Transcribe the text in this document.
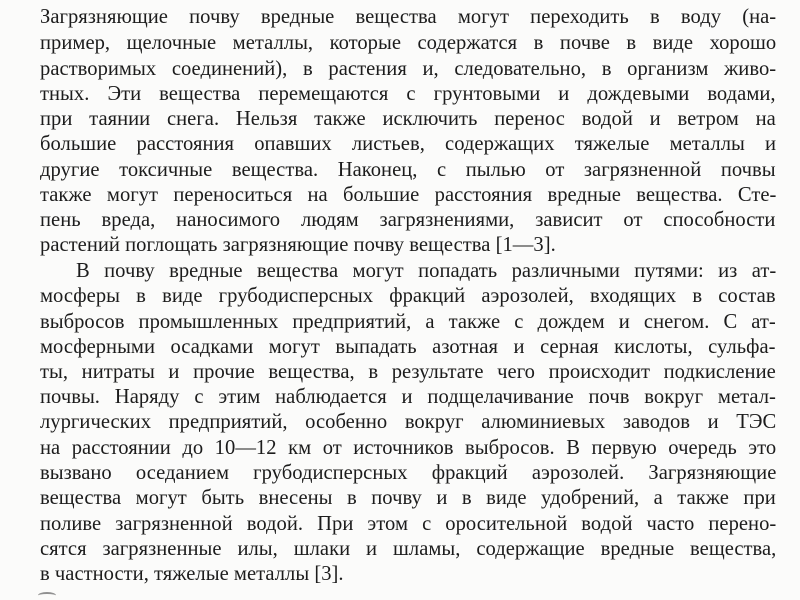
Загрязняющие почву вредные вещества могут переходить в воду (на-
пример, щелочные металлы, которые содержатся в почве в виде хорошо
растворимых соединений), в растения и, следовательно, в организм живо-
тных. Эти вещества перемещаются с грунтовыми и дождевыми водами,
при таянии снега. Нельзя также исключить перенос водой и ветром на
большие расстояния опавших листьев, содержащих тяжелые металлы и
другие токсичные вещества. Наконец, с пылью от загрязненной почвы
также могут переноситься на большие расстояния вредные вещества. Сте-
пень вреда, наносимого людям загрязнениями, зависит от способности
растений поглощать загрязняющие почву вещества [1—3].
В почву вредные вещества могут попадать различными путями: из ат-
мосферы в виде грубодисперсных фракций аэрозолей, входящих в состав
выбросов промышленных предприятий, а также с дождем и снегом. С ат-
мосферными осадками могут выпадать азотная и серная кислоты, сульфа-
ты, нитраты и прочие вещества, в результате чего происходит подкисление
почвы. Наряду с этим наблюдается и подщелачивание почв вокруг метал-
лургических предприятий, особенно вокруг алюминиевых заводов и ТЭС
на расстоянии до 10—12 км от источников выбросов. В первую очередь это
вызвано оседанием грубодисперсных фракций аэрозолей. Загрязняющие
вещества могут быть внесены в почву и в виде удобрений, а также при
поливе загрязненной водой. При этом с оросительной водой часто перено-
сятся загрязненные илы, шлаки и шламы, содержащие вредные вещества,
в частности, тяжелые металлы [3].
